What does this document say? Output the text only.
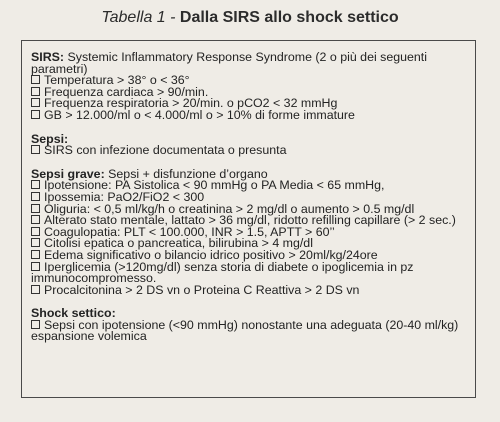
Tabella 1 - Dalla SIRS allo shock settico
SIRS: Systemic Inflammatory Response Syndrome (2 o più dei seguenti parametri)
Temperatura > 38° o < 36°
Frequenza cardiaca > 90/min.
Frequenza respiratoria > 20/min. o pCO2 < 32 mmHg
GB > 12.000/ml o < 4.000/ml o > 10% di forme immature
Sepsi:
SIRS con infezione documentata o presunta
Sepsi grave: Sepsi + disfunzione d’organo
Ipotensione: PA Sistolica < 90 mmHg o PA Media < 65 mmHg,
Ipossemia: PaO2/FiO2 < 300
Oliguria: < 0,5 ml/kg/h o creatinina > 2 mg/dl o aumento > 0.5 mg/dl
Alterato stato mentale, lattato > 36 mg/dl, ridotto refilling capillare (> 2 sec.)
Coagulopatia: PLT < 100.000, INR > 1.5, APTT > 60’’
Citolisi epatica o pancreatica, bilirubina > 4 mg/dl
Edema significativo o bilancio idrico positivo > 20ml/kg/24ore
Iperglicemia (>120mg/dl) senza storia di diabete o ipoglicemia in pz immunocompromesso.
Procalcitonina > 2 DS vn o Proteina C Reattiva > 2 DS vn
Shock settico:
Sepsi con ipotensione (<90 mmHg) nonostante una adeguata (20-40 ml/kg) espansione volemica
